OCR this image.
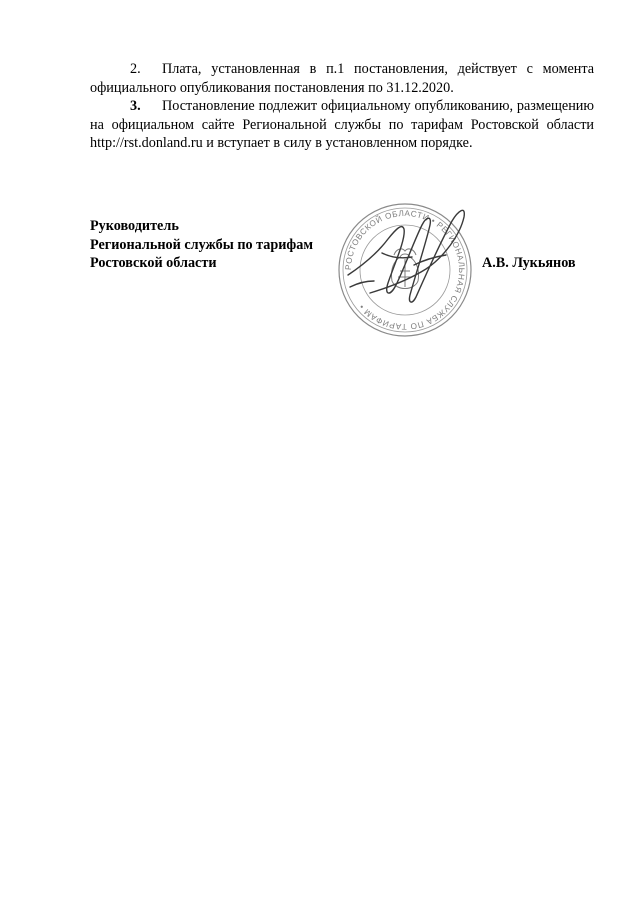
2. Плата, установленная в п.1 постановления, действует с момента официального опубликования постановления по 31.12.2020.

3. Постановление подлежит официальному опубликованию, размещению на официальном сайте Региональной службы по тарифам Ростовской области http://rst.donland.ru и вступает в силу в установленном порядке.

Руководитель
Региональной службы по тарифам
Ростовской области	РОСТОВСКОЙ ОБЛАСТИ • РЕГИОНАЛЬНАЯ СЛУЖБА ПО ТАРИФАМ •
А.В. Лукьянов
